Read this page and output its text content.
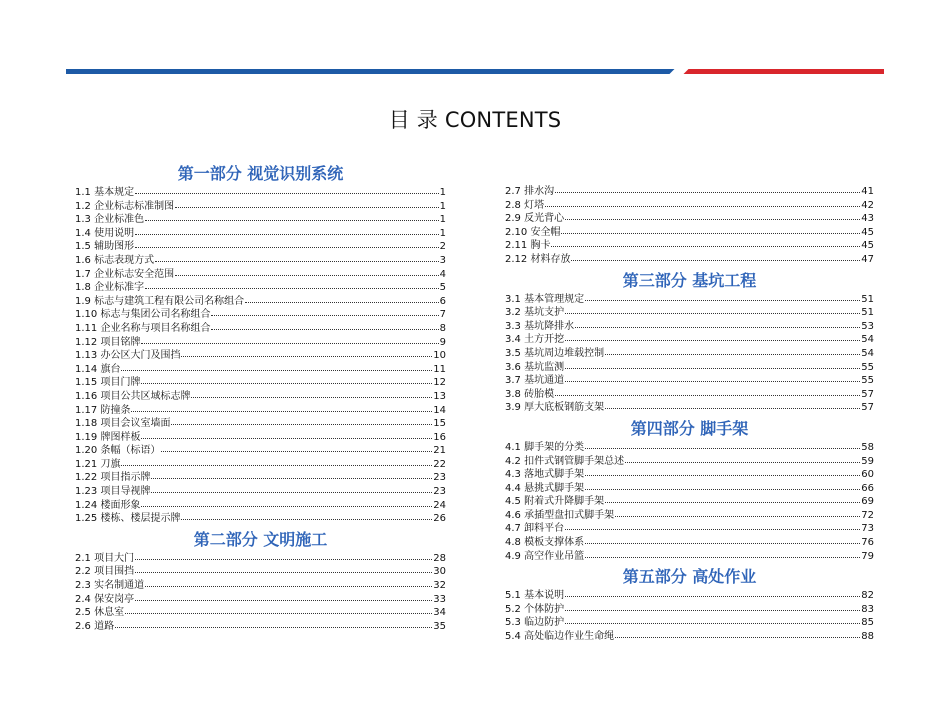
目 录 CONTENTS
第一部分 视觉识别系统
1.1 基本规定	1
1.2 企业标志标准制图	1
1.3 企业标准色	1
1.4 使用说明	1
1.5 辅助图形	2
1.6 标志表现方式	3
1.7 企业标志安全范围	4
1.8 企业标准字	5
1.9 标志与建筑工程有限公司名称组合	6
1.10 标志与集团公司名称组合	7
1.11 企业名称与项目名称组合	8
1.12 项目铭牌	9
1.13 办公区大门及围挡	10
1.14 旗台	11
1.15 项目门牌	12
1.16 项目公共区域标志牌	13
1.17 防撞条	14
1.18 项目会议室墙面	15
1.19 牌图样板	16
1.20 条幅（标语）	21
1.21 刀旗	22
1.22 项目指示牌	23
1.23 项目导视牌	23
1.24 楼面形象	24
1.25 楼栋、楼层提示牌	26
第二部分 文明施工
2.1 项目大门	28
2.2 项目围挡	30
2.3 实名制通道	32
2.4 保安岗亭	33
2.5 休息室	34
2.6 道路	35
2.7 排水沟	41
2.8 灯塔	42
2.9 反光背心	43
2.10 安全帽	45
2.11 胸卡	45
2.12 材料存放	47
第三部分 基坑工程
3.1 基本管理规定	51
3.2 基坑支护	51
3.3 基坑降排水	53
3.4 土方开挖	54
3.5 基坑周边堆载控制	54
3.6 基坑监测	55
3.7 基坑通道	55
3.8 砖胎模	57
3.9 厚大底板钢筋支架	57
第四部分 脚手架
4.1 脚手架的分类	58
4.2 扣件式钢管脚手架总述	59
4.3 落地式脚手架	60
4.4 悬挑式脚手架	66
4.5 附着式升降脚手架	69
4.6 承插型盘扣式脚手架	72
4.7 卸料平台	73
4.8 模板支撑体系	76
4.9 高空作业吊篮	79
第五部分 高处作业
5.1 基本说明	82
5.2 个体防护	83
5.3 临边防护	85
5.4 高处临边作业生命绳	88
